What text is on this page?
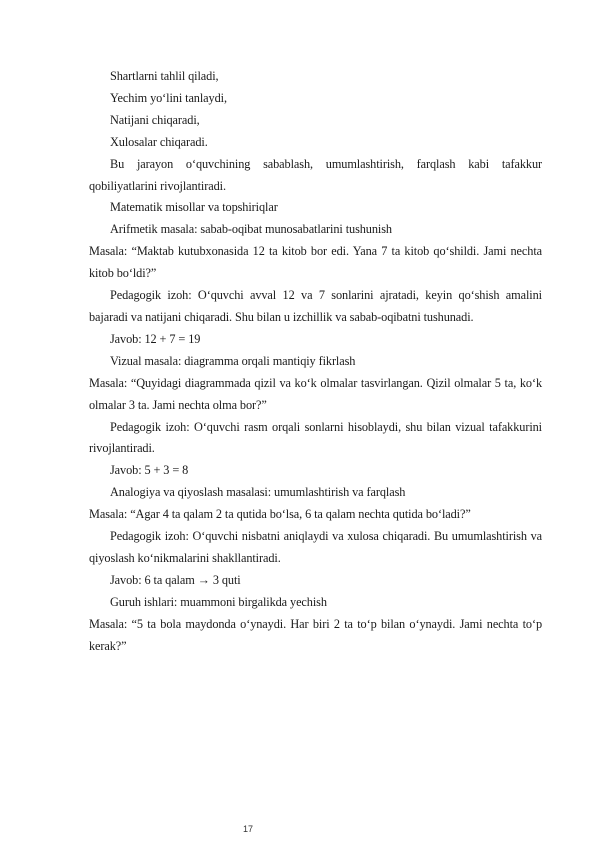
Shartlarni tahlil qiladi,

Yechim yo‘lini tanlaydi,

Natijani chiqaradi,

Xulosalar chiqaradi.

Bu jarayon o‘quvchining sabablash, umumlashtirish, farqlash kabi tafakkur qobiliyatlarini rivojlantiradi.

Matematik misollar va topshiriqlar

Arifmetik masala: sabab-oqibat munosabatlarini tushunish

Masala: “Maktab kutubxonasida 12 ta kitob bor edi. Yana 7 ta kitob qo‘shildi. Jami nechta kitob bo‘ldi?”

Pedagogik izoh: O‘quvchi avval 12 va 7 sonlarini ajratadi, keyin qo‘shish amalini bajaradi va natijani chiqaradi. Shu bilan u izchillik va sabab-oqibatni tushunadi.

Javob: 12 + 7 = 19

Vizual masala: diagramma orqali mantiqiy fikrlash

Masala: “Quyidagi diagrammada qizil va ko‘k olmalar tasvirlangan. Qizil olmalar 5 ta, ko‘k olmalar 3 ta. Jami nechta olma bor?”

Pedagogik izoh: O‘quvchi rasm orqali sonlarni hisoblaydi, shu bilan vizual tafakkurini rivojlantiradi.

Javob: 5 + 3 = 8

Analogiya va qiyoslash masalasi: umumlashtirish va farqlash

Masala: “Agar 4 ta qalam 2 ta qutida bo‘lsa, 6 ta qalam nechta qutida bo‘ladi?”

Pedagogik izoh: O‘quvchi nisbatni aniqlaydi va xulosa chiqaradi. Bu umumlashtirish va qiyoslash ko‘nikmalarini shakllantiradi.

Javob: 6 ta qalam → 3 quti

Guruh ishlari: muammoni birgalikda yechish

Masala: “5 ta bola maydonda o‘ynaydi. Har biri 2 ta to‘p bilan o‘ynaydi. Jami nechta to‘p kerak?”

17
